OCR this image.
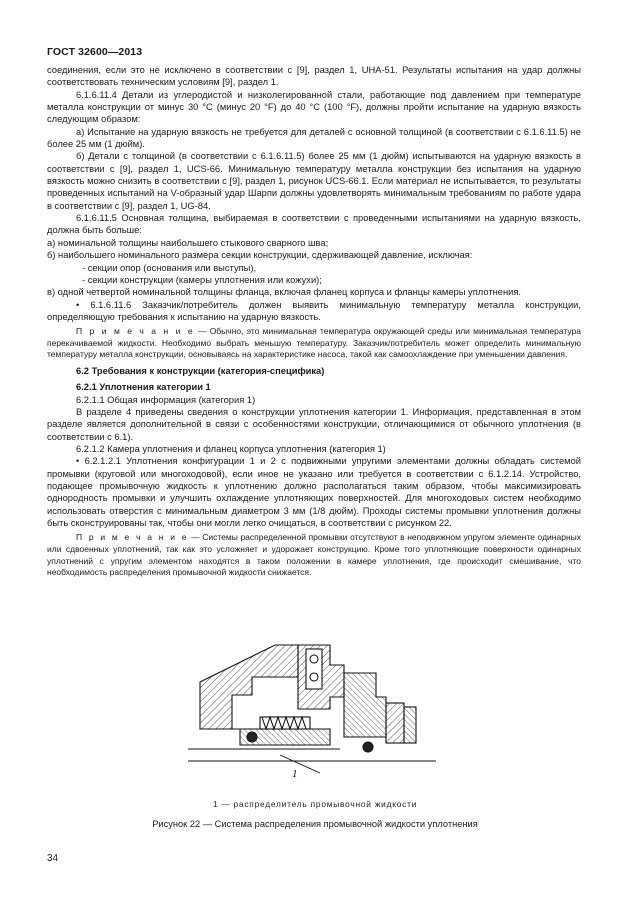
ГОСТ 32600—2013

соединения, если это не исключено в соответствии с [9], раздел 1, UHA-51. Результаты испытания на удар должны соответствовать техническим условиям [9], раздел 1.

6.1.6.11.4 Детали из углеродистой и низколегированной стали, работающие под давлением при температуре металла конструкции от минус 30 °С (минус 20 °F) до 40 °С (100 °F), должны пройти испытание на ударную вязкость следующим образом:

а) Испытание на ударную вязкость не требуется для деталей с основной толщиной (в соответствии с 6.1.6.11.5) не более 25 мм (1 дюйм).

б) Детали с толщиной (в соответствии с 6.1.6.11.5) более 25 мм (1 дюйм) испытываются на ударную вязкость в соответствии с [9], раздел 1, UCS-66. Минимальную температуру металла конструкции без испытания на ударную вязкость можно снизить в соответствии с [9], раздел 1, рисунок UCS-66.1. Если материал не испытывается, то результаты проведенных испытаний на V-образный удар Шарпи должны удовлетворять минимальным требованиям по работе удара в соответствии с [9], раздел 1, UG-84.

6.1.6.11.5 Основная толщина, выбираемая в соответствии с проведенными испытаниями на ударную вязкость, должна быть больше:

а) номинальной толщины наибольшего стыкового сварного шва;

б) наибольшего номинального размера секции конструкции, сдерживающей давление, исключая:

- секции опор (основания или выступы),

- секции конструкции (камеры уплотнения или кожухи);

в) одной четвертой номинальной толщины фланца, включая фланец корпуса и фланцы камеры уплотнения.

• 6.1.6.11.6 Заказчик/потребитель должен выявить минимальную температуру металла конструкции, определяющую требования к испытанию на ударную вязкость.

П р и м е ч а н и е — Обычно, это минимальная температура окружающей среды или минимальная температура перекачиваемой жидкости. Необходимо выбрать меньшую температуру. Заказчик/потребитель может определить минимальную температуру металла конструкции, основываясь на характеристике насоса, такой как самоохлаждение при уменьшении давления.

6.2 Требования к конструкции (категория-специфика)

6.2.1 Уплотнения категории 1

6.2.1.1 Общая информация (категория 1)

В разделе 4 приведены сведения о конструкции уплотнения категории 1. Информация, представленная в этом разделе является дополнительной в связи с особенностями конструкции, отличающимися от обычного уплотнения (в соответствии с 6.1).

6.2.1.2 Камера уплотнения и фланец корпуса уплотнения (категория 1)

• 6.2.1.2.1 Уплотнения конфигурации 1 и 2 с подвижными упругими элементами должны обладать системой промывки (круговой или многоходовой), если иное не указано или требуется в соответствии с 6.1.2.14. Устройство, подающее промывочную жидкость к уплотнению должно располагаться таким образом, чтобы максимизировать однородность промывки и улучшить охлаждение уплотняющих поверхностей. Для многоходовых систем необходимо использовать отверстия с минимальным диаметром 3 мм (1/8 дюйм). Проходы системы промывки уплотнения должны быть сконструированы так, чтобы они могли легко очищаться, в соответствии с рисунком 22.

П р и м е ч а н и е — Системы распределенной промывки отсутствуют в неподвижном упругом элементе одинарных или сдвоенных уплотнений, так как это усложняет и удорожает конструкцию. Кроме того уплотняющие поверхности одинарных уплотнений с упругим элементом находятся в таком положении в камере уплотнения, где происходит смешивание, что необходимость распределения промывочной жидкости снижается.

1
1 — распределитель промывочной жидкости
Рисунок 22 — Система распределения промывочной жидкости уплотнения
34
